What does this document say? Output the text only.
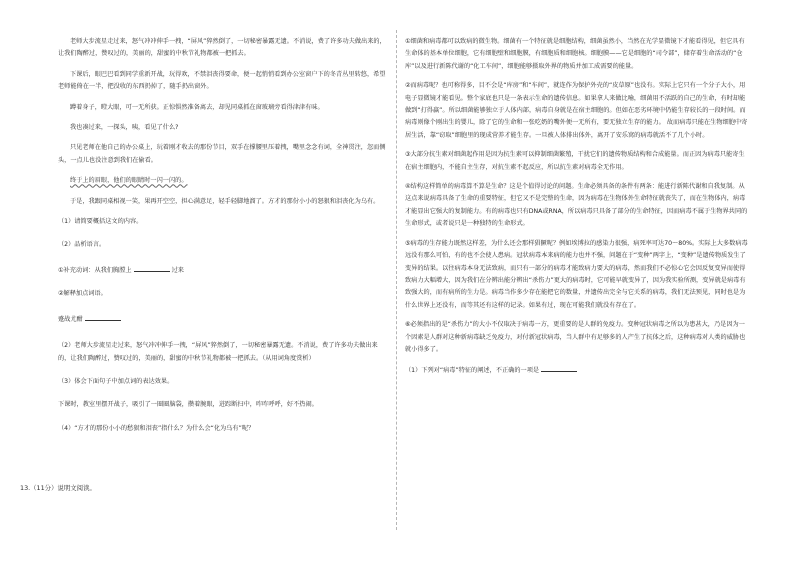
老师大步流星走过来，怒气冲冲伸手一拽，“屏风”猝然倒了，一切秘密暴露无遗。不消说，费了许多功夫做出来的，让我们陶醉过，赞叹过的，美丽的，甜蜜的中秋节礼物都被一把抓去。

下课后，眼巴巴看到同学重新开战，玩得欢，不禁泪丧得要命，便一起悄悄看到办公室窗户下的冬青丛里转悠，希望老师能倚在一半，把没收的东西扔掉了，随手扔出窗外。

蹲着身子，瞪大眼，可一无所获。正惊惧然准备离去，却见同桌抓在窗玻璃旁看得津津有味。

我也凑过来，一探头，咦，看见了什么?

只见老师在他自己的办公桌上，玩着刚才收去的那份节目，双手在撑腰里压着拽，嘴里念念有词，全神贯注，忽而侧头，一点儿也没注意到我们在偷看。

终于上的眉眼，他们的眼睛时一闪一闪的。

于是，我跟同桌相视一笑，果再开空空，担心满意足，轻手轻脚地溜了。方才的那份小小的怒狠和泪丧化为乌有。

（1）请简要概括这文的内容。

（2）品析语言。

①补充动词：从我们胸膛上	过来

②解释加点词语。

蹙战尤酣

（2）老师大步流星走过来，怒气冲冲伸手一拽，“屏风”猝然倒了，一切秘密暴露无遗。不消说，费了许多功夫做出来的，让我们陶醉过，赞叹过的，美丽的，甜蜜的中秋节礼物都被一把抓去。（从用词角度赏析）

（3）体会下面句子中加点词的表达效果。

下课时，教室里摆开战子，吸引了一圈圈脑袋，攒着腕眼，迸踪断扫中，咋咋呼呼，好不热闹。

（4）“方才的那份小小的愁狠和泪丧”指什么？为什么会“化为乌有”呢？

13.（11分）说明文阅读。

①细菌和病毒都可以致病的微生物。细菌有一个特征就是细胞结构，细菌虽然小，当然在光学显微镜下才能看得见，但它具有生命体的基本单位细胞，它有细胞壁和细胞膜，有细胞质和细胞核。细胞膜——它是细胞的“司令部”，储存着生命活动的“仓库”以及进行新陈代谢的“化工车间”，细胞能够摄取外界的物质并加工成需要的能量。

②而病毒呢？也可称得多，目不会是“库房”和“车间”，就连作为保护外壳的“皮草原”也没有。实际上它只有一个分子大小，用电子显微镜才能看见。整个家底也只是一条表示生命的遗传信息。如果拿人来做比喻，细菌用不活跃的自己的生命，有时却能做到“打得赢”。所以细菌能够独立于人体内部，病毒自身就是在宿主细胞的。但如在恶劣环境中仍能生存较长的一段时间。而病毒则像个刚出生的婴儿，除了它的生命和一张吃奶的嘴外便一无所有，要无独立生存的能力。 故而病毒只能在生物细胞中寄居生活，靠“窃取”细胞里的现成营养才能生存。一旦被人体排出体外，离开了安乐窝的病毒就活不了几个小时。

③大部分抗生素对细菌起作用是因为抗生素可以抑制细菌繁殖，干扰它们的遗传物质结构和合成能量。而正因为病毒只能寄生在宿主细胞内，不能自主生存，对抗生素不起反应，所以抗生素对病毒全无作用。

④结构这样简单的病毒算不算是生命？这是个值得讨论的问题。生命必须具备的条件有两条：能进行新陈代谢和自我复制。从这点来说病毒具备了生命的重要特征，但它又不是完整的生命，因为病毒在生物体外生命特征就丧失了，而在生物体内，病毒才能显出它强大的复制能力。有的病毒也只有DNA或RNA，所以病毒只具备了部分的生命特征，因而病毒不属于生物界共同的生命形式，或者说只是一种独特的生命形式。

⑤病毒的生存能力既然这样差，为什么还会那样猖獗呢？例如埃博拉的感染力很强，病死率可达70～80%。实际上大多数病毒远没有那么可怕，有的也不会使人患病。冠状病毒本来病的能力也并不强，问题在于“变种”两字上，“变种”是遗传物质发生了变异的结果。以往病毒本身无法致病，而只有一部分的病毒才能致病力要大的病毒，然而我们不必惊心它会因反复变异而使得致病力大幅增大，因为我们在分辨出能分辨出“杀伤力”更大的病毒时，它可能早就变异了，因为我实验所测，变异就是病毒有致强大的，而有病所的生力是。病毒当作多少存在能把它的数量，并遗传出完全与它关系的病毒，我们无法预见，同时也是为什么世界上还没有，而等其还有这样的记录。如果有过，现在可能我们就没有存在了。

⑥必须指出的是“杀伤力”的大小不仅取决于病毒一方，更重要的是人群的免疫力。变种冠状病毒之所以为患甚大，乃是因为一个因素是人群对这种新病毒缺乏免疫力，对付新冠状病毒，当人群中有足够多的人产生了抗体之后，这种病毒对人类的威胁也就小得多了。

（1）下列对“病毒”特征的阐述，不正确的一项是
